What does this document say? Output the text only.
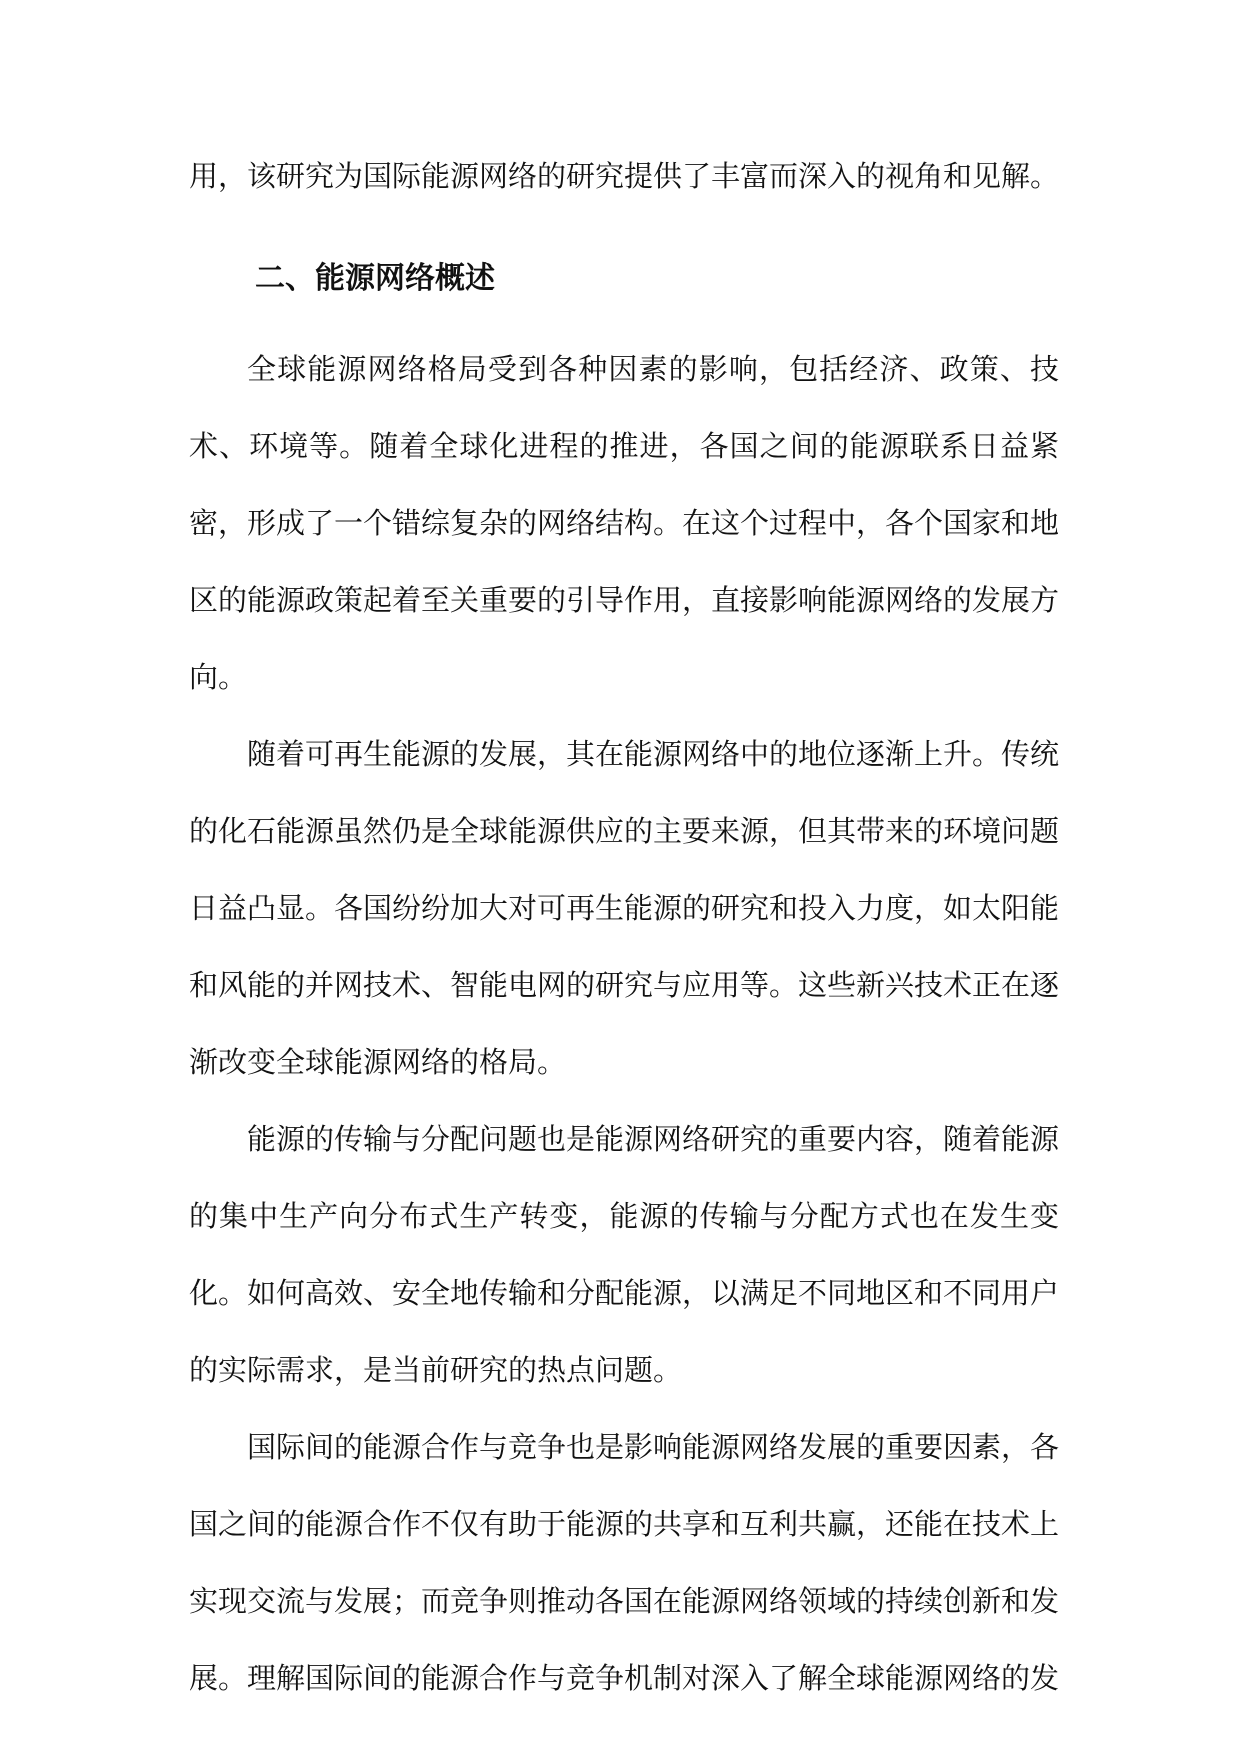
用，该研究为国际能源网络的研究提供了丰富而深入的视角和见解。

二、能源网络概述

全球能源网络格局受到各种因素的影响，包括经济、政策、技术、环境等。随着全球化进程的推进，各国之间的能源联系日益紧密，形成了一个错综复杂的网络结构。在这个过程中，各个国家和地区的能源政策起着至关重要的引导作用，直接影响能源网络的发展方向。

随着可再生能源的发展，其在能源网络中的地位逐渐上升。传统的化石能源虽然仍是全球能源供应的主要来源，但其带来的环境问题日益凸显。各国纷纷加大对可再生能源的研究和投入力度，如太阳能和风能的并网技术、智能电网的研究与应用等。这些新兴技术正在逐渐改变全球能源网络的格局。

能源的传输与分配问题也是能源网络研究的重要内容，随着能源的集中生产向分布式生产转变，能源的传输与分配方式也在发生变化。如何高效、安全地传输和分配能源，以满足不同地区和不同用户的实际需求，是当前研究的热点问题。

国际间的能源合作与竞争也是影响能源网络发展的重要因素，各国之间的能源合作不仅有助于能源的共享和互利共赢，还能在技术上实现交流与发展；而竞争则推动各国在能源网络领域的持续创新和发展。理解国际间的能源合作与竞争机制对深入了解全球能源网络的发
